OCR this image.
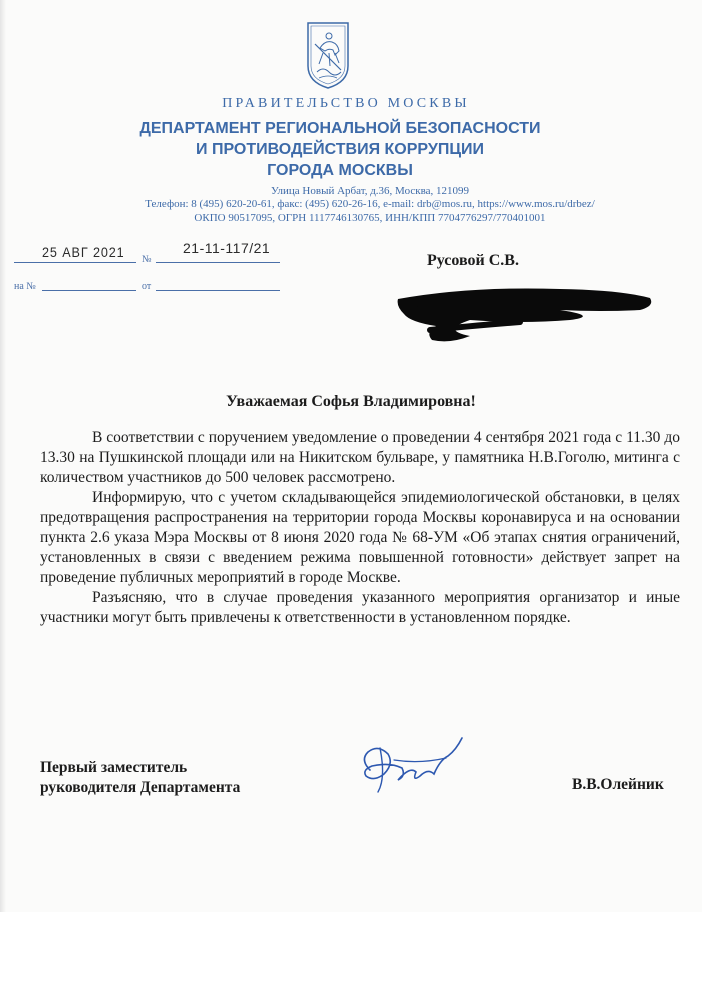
ПРАВИТЕЛЬСТВО МОСКВЫ
ДЕПАРТАМЕНТ РЕГИОНАЛЬНОЙ БЕЗОПАСНОСТИ
И ПРОТИВОДЕЙСТВИЯ КОРРУПЦИИ
ГОРОДА МОСКВЫ
Улица Новый Арбат, д.36, Москва, 121099
Телефон: 8 (495) 620-20-61, факс: (495) 620-26-16, e-mail: drb@mos.ru, https://www.mos.ru/drbez/
ОКПО 90517095, ОГРН 1117746130765, ИНН/КПП 7704776297/770401001
25 АВГ 2021 №
21-11-117/21
на №	от
Русовой С.В.
Уважаемая Софья Владимировна!

В соответствии с поручением уведомление о проведении 4 сентября 2021 года с 11.30 до 13.30 на Пушкинской площади или на Никитском бульваре, у памятника Н.В.Гоголю, митинга с количеством участников до 500 человек рассмотрено.

Информирую, что с учетом складывающейся эпидемиологической обстановки, в целях предотвращения распространения на территории города Москвы коронавируса и на основании пункта 2.6 указа Мэра Москвы от 8 июня 2020 года № 68-УМ «Об этапах снятия ограничений, установленных в связи с введением режима повышенной готовности» действует запрет на проведение публичных мероприятий в городе Москве.

Разъясняю, что в случае проведения указанного мероприятия организатор и иные участники могут быть привлечены к ответственности в установленном порядке.

Первый заместитель
руководителя Департамента	В.В.Олейник
